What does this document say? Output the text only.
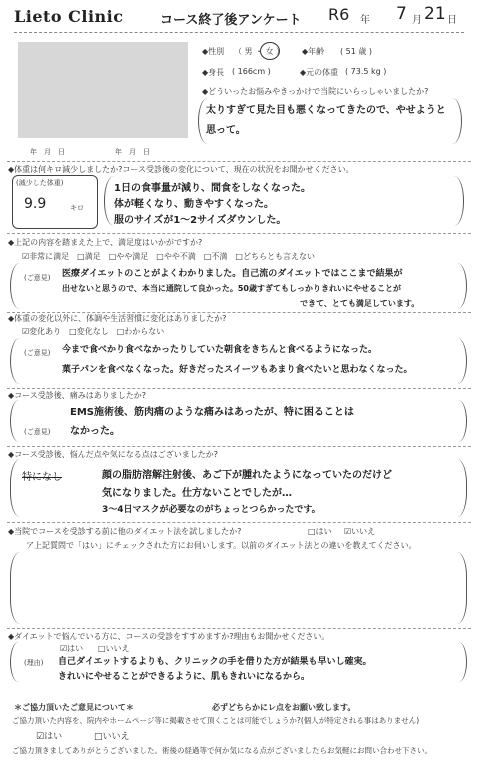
Lieto Clinic	コース終了後アンケート R6 年 7 月 21 日
年　月　日	年　月　日
◆性別 （ 男 ・ 女 ） ◆年齢 ( 51 歳 )
◆身長 ( 166cm )	◆元の体重 ( 73.5 kg )
◆どういったお悩みやきっかけで当院にいらっしゃいましたか?
太りすぎて見た目も悪くなってきたので、やせようと
思って。
◆体重は何キロ減少しましたか?コース受診後の変化について、現在の状況をお聞かせください。
(減少した体重)
9.9	キロ
1日の食事量が減り、間食をしなくなった。
体が軽くなり、動きやすくなった。
服のサイズが1～2サイズダウンした。
◆上記の内容を踏まえた上で、満足度はいかがですか?
☑非常に満足　□満足　□やや満足　□やや不満　□不満　□どちらとも言えない
(ご意見) 医療ダイエットのことがよくわかりました。自己流のダイエットではここまで結果が
出せないと思うので、本当に通院して良かった。50歳すぎてもしっかりきれいにやせることが
できて、とても満足しています。
◆体重の変化以外に、体調や生活習慣に変化はありましたか?
☑変化あり　□変化なし　□わからない
(ご意見) 今まで食べかり食べなかったりしていた朝食をきちんと食べるようになった。
菓子パンを食べなくなった。好きだったスイーツもあまり食べたいと思わなくなった。
◆コース受診後、痛みはありましたか?
(ご意見)
EMS施術後、筋肉痛のような痛みはあったが、特に困ることは
なかった。
◆コース受診後、悩んだ点や気になる点はございましたか?
特になし	顔の脂肪溶解注射後、あご下が腫れたようになっていたのだけど
気になりました。仕方ないことでしたが…
3～4日マスクが必要なのがちょっとつらかったです。
◆当院でコースを受診する前に他のダイエット法を試しましたか?	□はい ☑いいえ
ア上記質問で「はい」にチェックされた方にお伺いします。以前のダイエット法との違いを教えてください。
◆ダイエットで悩んでいる方に、コースの受診をすすめますか?理由もお聞かせください。
☑はい □いいえ
(理由) 自己ダイエットするよりも、クリニックの手を借りた方が結果も早いし確実。
きれいにやせることができるように、肌もきれいになるから。
＊ご協力頂いたご意見について＊	必ずどちらかにレ点をお願い致します。
ご協力頂いた内容を、院内やホームページ等に掲載させて頂くことは可能でしょうか?(個人が特定される事はありません)
☑はい	□いいえ
ご協力頂きましてありがとうございました。術後の経過等で何か気になる点がございましたらお気軽にお問い合わせ下さい。
